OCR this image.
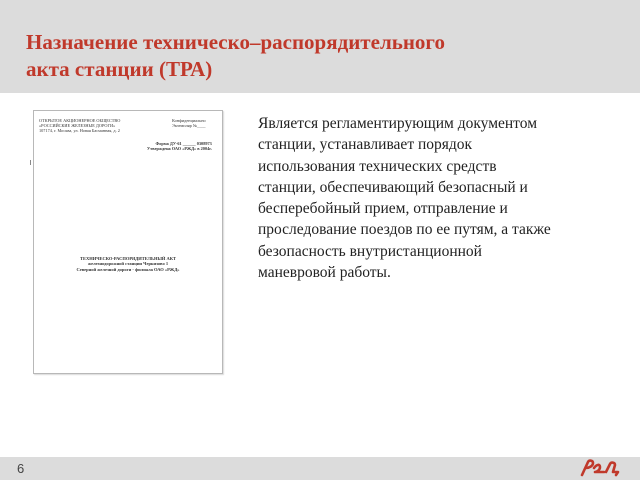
Назначение техническо–распорядительного
акта станции (ТРА)
ОТКРЫТОЕ АКЦИОНЕРНОЕ ОБЩЕСТВО
«РОССИЙСКИЕ ЖЕЛЕЗНЫЕ ДОРОГИ»
107174, г. Москва, ул. Новая Басманная, д. 2
Конфиденциально
Экземпляр №____
Форма ДУ-61 ______ 0308973
Утверждена ОАО «РЖД» в 2004г.
ТЕХНИЧЕСКО-РАСПОРЯДИТЕЛЬНЫЙ АКТ
железнодорожной станции Черкизово 1
Северной железной дороги - филиала ОАО «РЖД»
Является регламентирующим документом
станции, устанавливает порядок
использования технических средств
станции, обеспечивающий безопасный и
бесперебойный прием, отправление и
проследование поездов по ее путям, а также
безопасность внутристанционной
маневровой работы.
6
